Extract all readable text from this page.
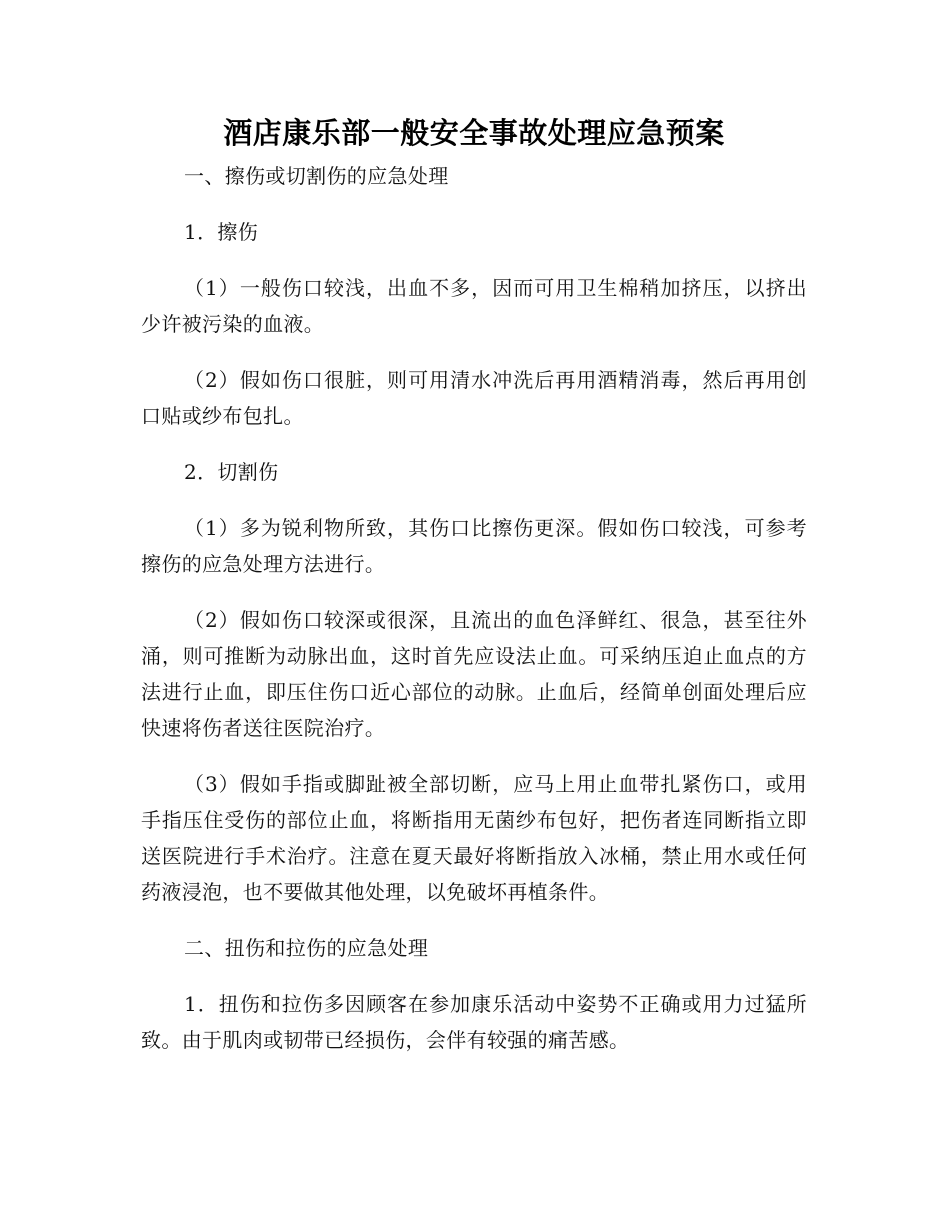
酒店康乐部一般安全事故处理应急预案

一、擦伤或切割伤的应急处理

1．擦伤

（1）一般伤口较浅，出血不多，因而可用卫生棉稍加挤压，以挤出少许被污染的血液。

（2）假如伤口很脏，则可用清水冲洗后再用酒精消毒，然后再用创口贴或纱布包扎。

2．切割伤

（1）多为锐利物所致，其伤口比擦伤更深。假如伤口较浅，可参考擦伤的应急处理方法进行。

（2）假如伤口较深或很深，且流出的血色泽鲜红、很急，甚至往外涌，则可推断为动脉出血，这时首先应设法止血。可采纳压迫止血点的方法进行止血，即压住伤口近心部位的动脉。止血后，经简单创面处理后应快速将伤者送往医院治疗。

（3）假如手指或脚趾被全部切断，应马上用止血带扎紧伤口，或用手指压住受伤的部位止血，将断指用无菌纱布包好，把伤者连同断指立即送医院进行手术治疗。注意在夏天最好将断指放入冰桶，禁止用水或任何药液浸泡，也不要做其他处理，以免破坏再植条件。

二、扭伤和拉伤的应急处理

1．扭伤和拉伤多因顾客在参加康乐活动中姿势不正确或用力过猛所致。由于肌肉或韧带已经损伤，会伴有较强的痛苦感。
